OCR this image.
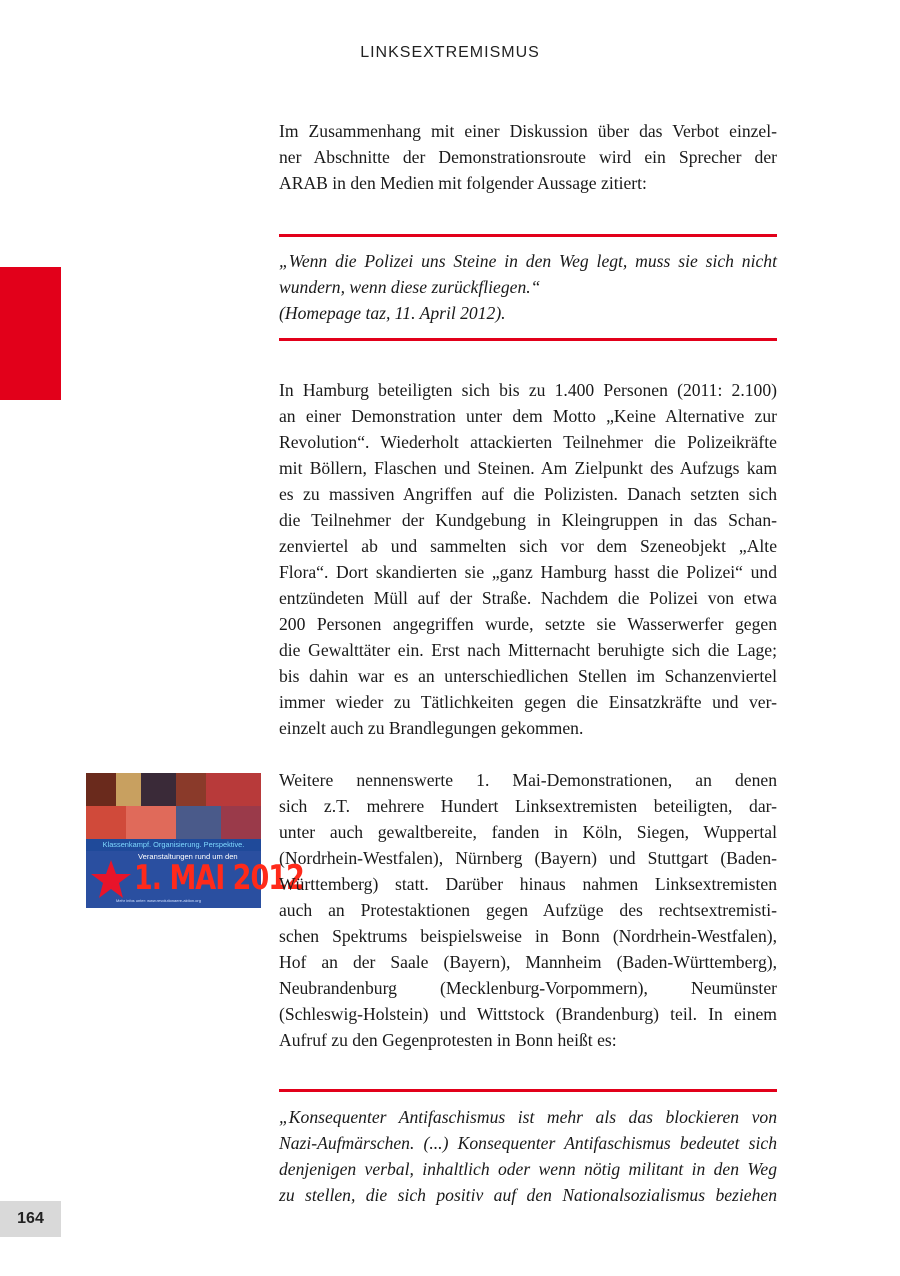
LINKSEXTREMISMUS
164

Im Zusammenhang mit einer Diskussion über das Verbot einzel-
ner Abschnitte der Demonstrationsroute wird ein Sprecher der
ARAB in den Medien mit folgender Aussage zitiert:

„Wenn die Polizei uns Steine in den Weg legt, muss sie sich nicht
wundern, wenn diese zurückfliegen.“
(Homepage taz, 11. April 2012).

In Hamburg beteiligten sich bis zu 1.400 Personen (2011: 2.100)
an einer Demonstration unter dem Motto „Keine Alternative zur
Revolution“. Wiederholt attackierten Teilnehmer die Polizeikräfte
mit Böllern, Flaschen und Steinen. Am Zielpunkt des Aufzugs kam
es zu massiven Angriffen auf die Polizisten. Danach setzten sich
die Teilnehmer der Kundgebung in Kleingruppen in das Schan-
zenviertel ab und sammelten sich vor dem Szeneobjekt „Alte
Flora“. Dort skandierten sie „ganz Hamburg hasst die Polizei“ und
entzündeten Müll auf der Straße. Nachdem die Polizei von etwa
200 Personen angegriffen wurde, setzte sie Wasserwerfer gegen
die Gewalttäter ein. Erst nach Mitternacht beruhigte sich die Lage;
bis dahin war es an unterschiedlichen Stellen im Schanzenviertel
immer wieder zu Tätlichkeiten gegen die Einsatzkräfte und ver-
einzelt auch zu Brandlegungen gekommen.

Klassenkampf. Organisierung. Perspektive.
Veranstaltungen rund um den
1. MAI 2012
Mehr infos unter: www.revolutionaere-aktion.org

Weitere nennenswerte 1. Mai-Demonstrationen, an denen
sich z.T. mehrere Hundert Linksextremisten beteiligten, dar-
unter auch gewaltbereite, fanden in Köln, Siegen, Wuppertal
(Nordrhein-Westfalen), Nürnberg (Bayern) und Stuttgart (Baden-
Württemberg) statt. Darüber hinaus nahmen Linksextremisten
auch an Protestaktionen gegen Aufzüge des rechtsextremisti-
schen Spektrums beispielsweise in Bonn (Nordrhein-Westfalen),
Hof an der Saale (Bayern), Mannheim (Baden-Württemberg),
Neubrandenburg (Mecklenburg-Vorpommern), Neumünster
(Schleswig-Holstein) und Wittstock (Brandenburg) teil. In einem
Aufruf zu den Gegenprotesten in Bonn heißt es:

„Konsequenter Antifaschismus ist mehr als das blockieren von
Nazi-Aufmärschen. (...) Konsequenter Antifaschismus bedeutet sich
denjenigen verbal, inhaltlich oder wenn nötig militant in den Weg
zu stellen, die sich positiv auf den Nationalsozialismus beziehen
